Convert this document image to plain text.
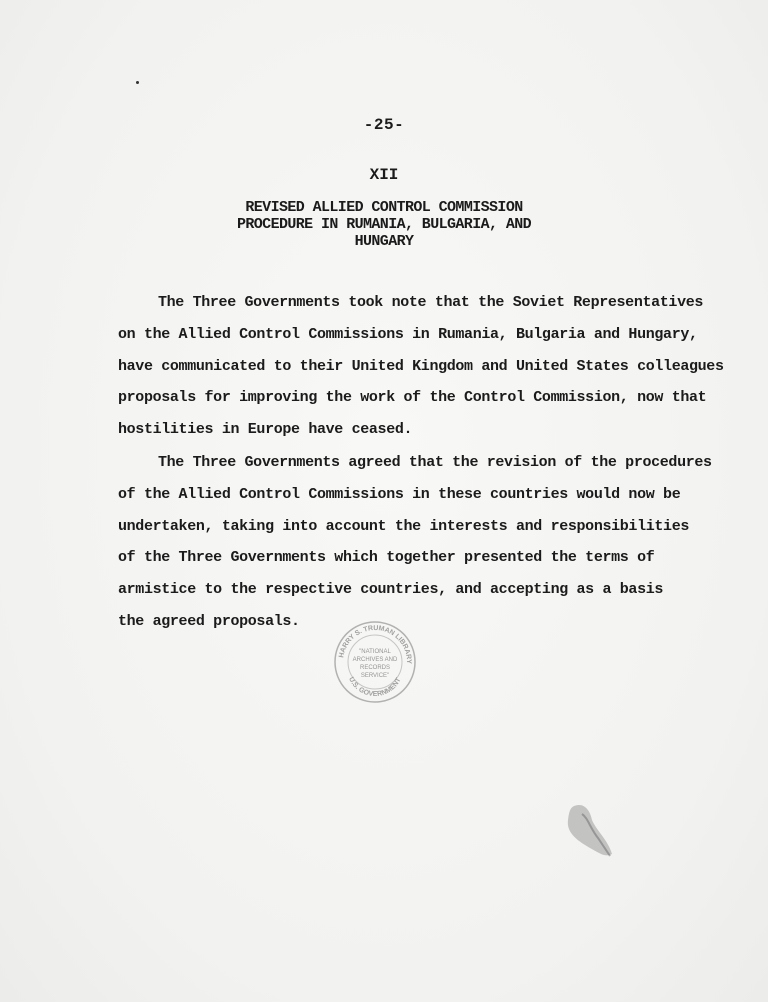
-25-
XII
REVISED ALLIED CONTROL COMMISSION
PROCEDURE IN RUMANIA, BULGARIA, AND
HUNGARY
The Three Governments took note that the Soviet Representatives
on the Allied Control Commissions in Rumania, Bulgaria and Hungary,
have communicated to their United Kingdom and United States colleagues
proposals for improving the work of the Control Commission, now that
hostilities in Europe have ceased.
The Three Governments agreed that the revision of the procedures
of the Allied Control Commissions in these countries would now be
undertaken, taking into account the interests and responsibilities
of the Three Governments which together presented the terms of
armistice to the respective countries, and accepting as a basis
the agreed proposals.
HARRY S. TRUMAN LIBRARY
U.S. GOVERNMENT
"NATIONAL
ARCHIVES AND
RECORDS
SERVICE"
